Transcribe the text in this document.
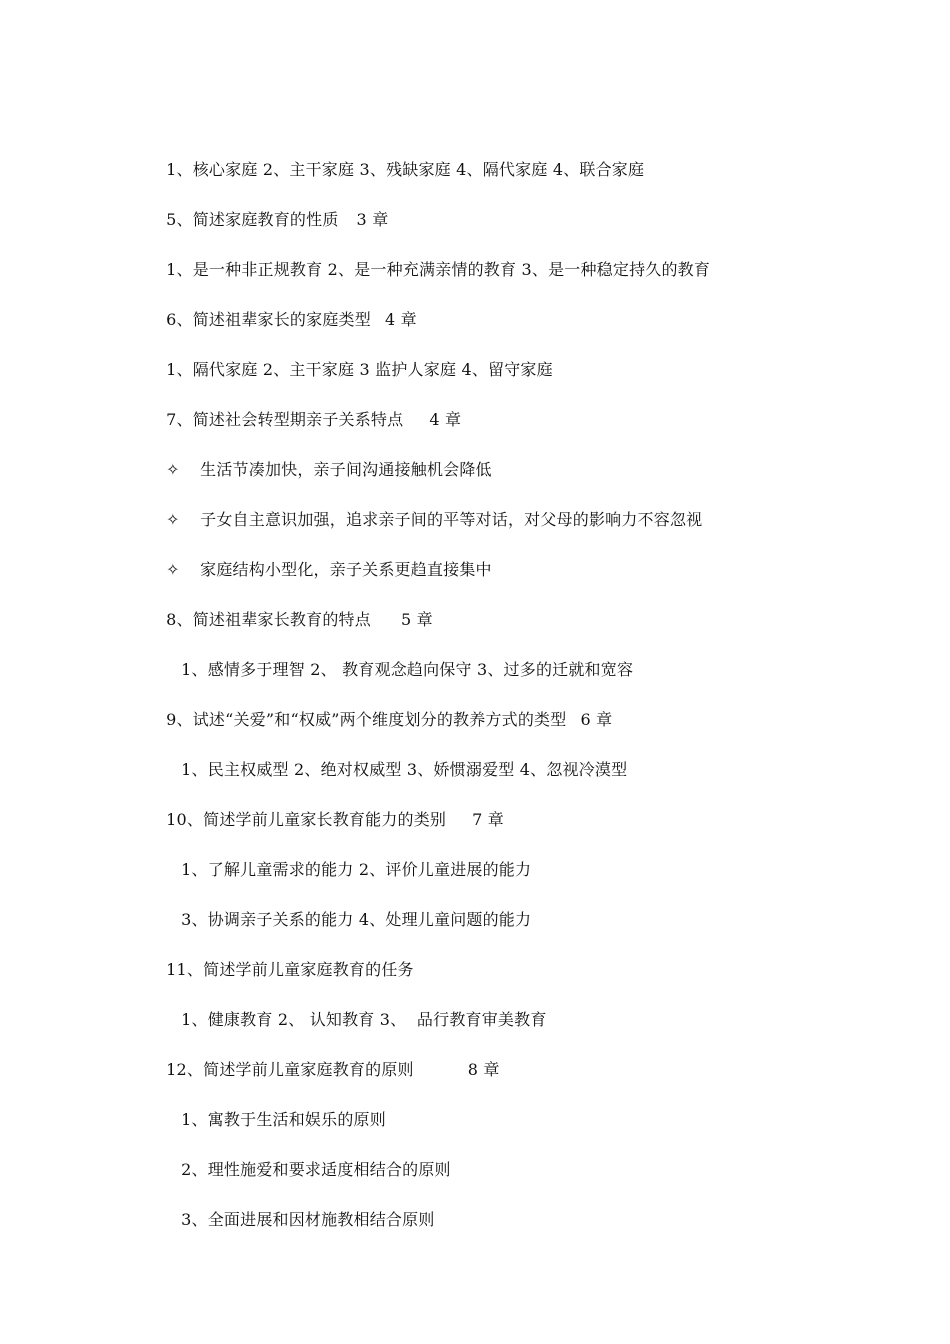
1、核心家庭 2、主干家庭 3、残缺家庭 4、隔代家庭 4、联合家庭

5、简述家庭教育的性质 3 章

1、是一种非正规教育 2、是一种充满亲情的教育 3、是一种稳定持久的教育

6、简述祖辈家长的家庭类型 4 章

1、隔代家庭 2、主干家庭 3 监护人家庭 4、留守家庭

7、简述社会转型期亲子关系特点 4 章

✧ 生活节凑加快，亲子间沟通接触机会降低

✧ 子女自主意识加强，追求亲子间的平等对话，对父母的影响力不容忽视

✧ 家庭结构小型化，亲子关系更趋直接集中

8、简述祖辈家长教育的特点 5 章

1、感情多于理智 2、 教育观念趋向保守 3、过多的迁就和宽容

9、试述“关爱”和“权威”两个维度划分的教养方式的类型 6 章

1、民主权威型 2、绝对权威型 3、娇惯溺爱型 4、忽视冷漠型

10、简述学前儿童家长教育能力的类别 7 章

1、了解儿童需求的能力 2、评价儿童进展的能力

3、协调亲子关系的能力 4、处理儿童问题的能力

11、简述学前儿童家庭教育的任务

1、健康教育 2、 认知教育 3、  品行教育审美教育

12、简述学前儿童家庭教育的原则	8 章

1、寓教于生活和娱乐的原则

2、理性施爱和要求适度相结合的原则

3、全面进展和因材施教相结合原则
